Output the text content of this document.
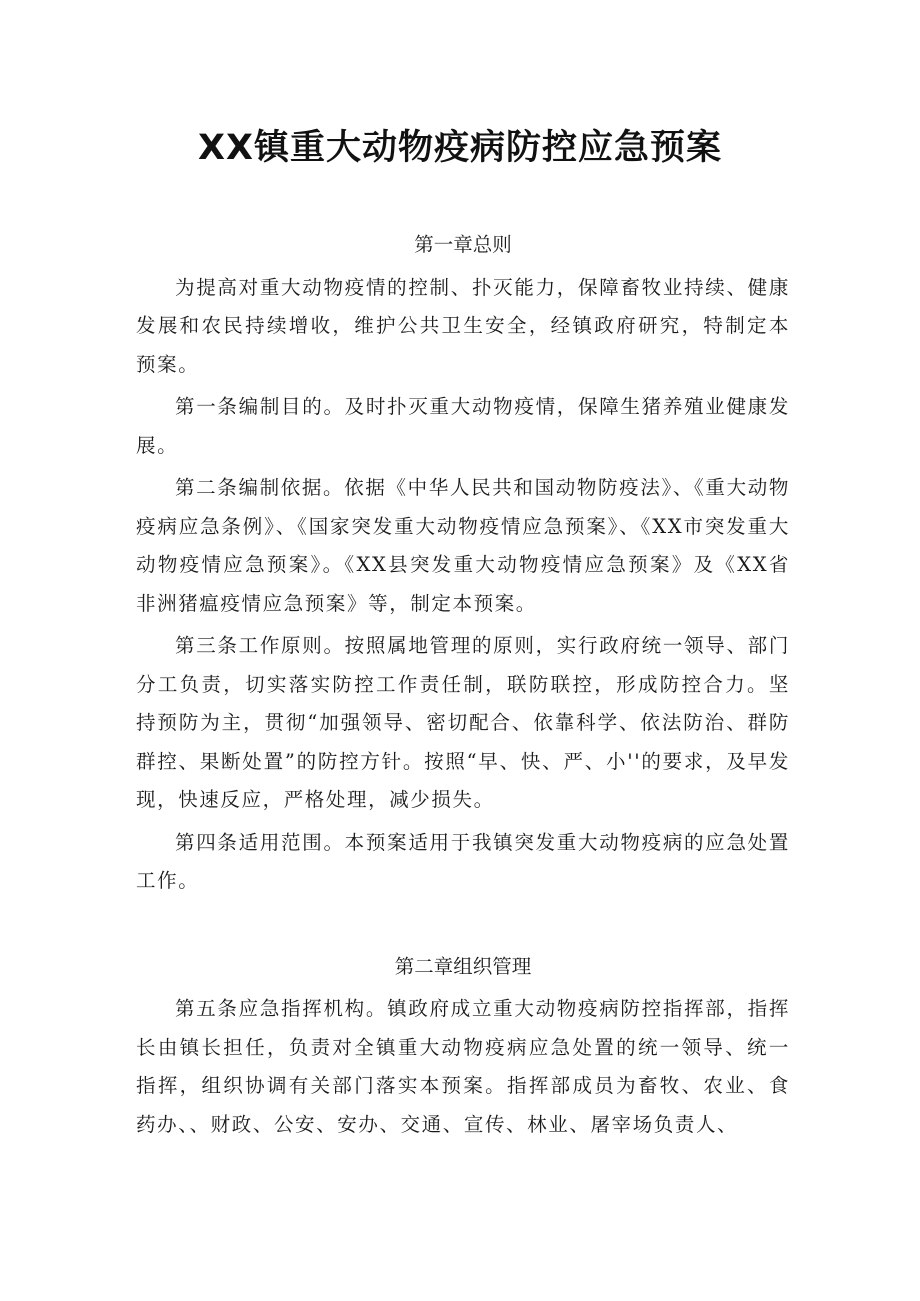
XX镇重大动物疫病防控应急预案
第一章总则

为提高对重大动物疫情的控制、扑灭能力，保障畜牧业持续、健康发展和农民持续增收，维护公共卫生安全，经镇政府研究，特制定本预案。

第一条编制目的。及时扑灭重大动物疫情，保障生猪养殖业健康发展。

第二条编制依据。依据《中华人民共和国动物防疫法》、《重大动物疫病应急条例》、《国家突发重大动物疫情应急预案》、《XX市突发重大动物疫情应急预案》。《XX县突发重大动物疫情应急预案》及《XX省非洲猪瘟疫情应急预案》等，制定本预案。

第三条工作原则。按照属地管理的原则，实行政府统一领导、部门分工负责，切实落实防控工作责任制，联防联控，形成防控合力。坚持预防为主，贯彻“加强领导、密切配合、依靠科学、依法防治、群防群控、果断处置”的防控方针。按照“早、快、严、小''的要求，及早发现，快速反应，严格处理，减少损失。

第四条适用范围。本预案适用于我镇突发重大动物疫病的应急处置工作。

第二章组织管理

第五条应急指挥机构。镇政府成立重大动物疫病防控指挥部，指挥长由镇长担任，负责对全镇重大动物疫病应急处置的统一领导、统一指挥，组织协调有关部门落实本预案。指挥部成员为畜牧、农业、食药办、、财政、公安、安办、交通、宣传、林业、屠宰场负责人、
